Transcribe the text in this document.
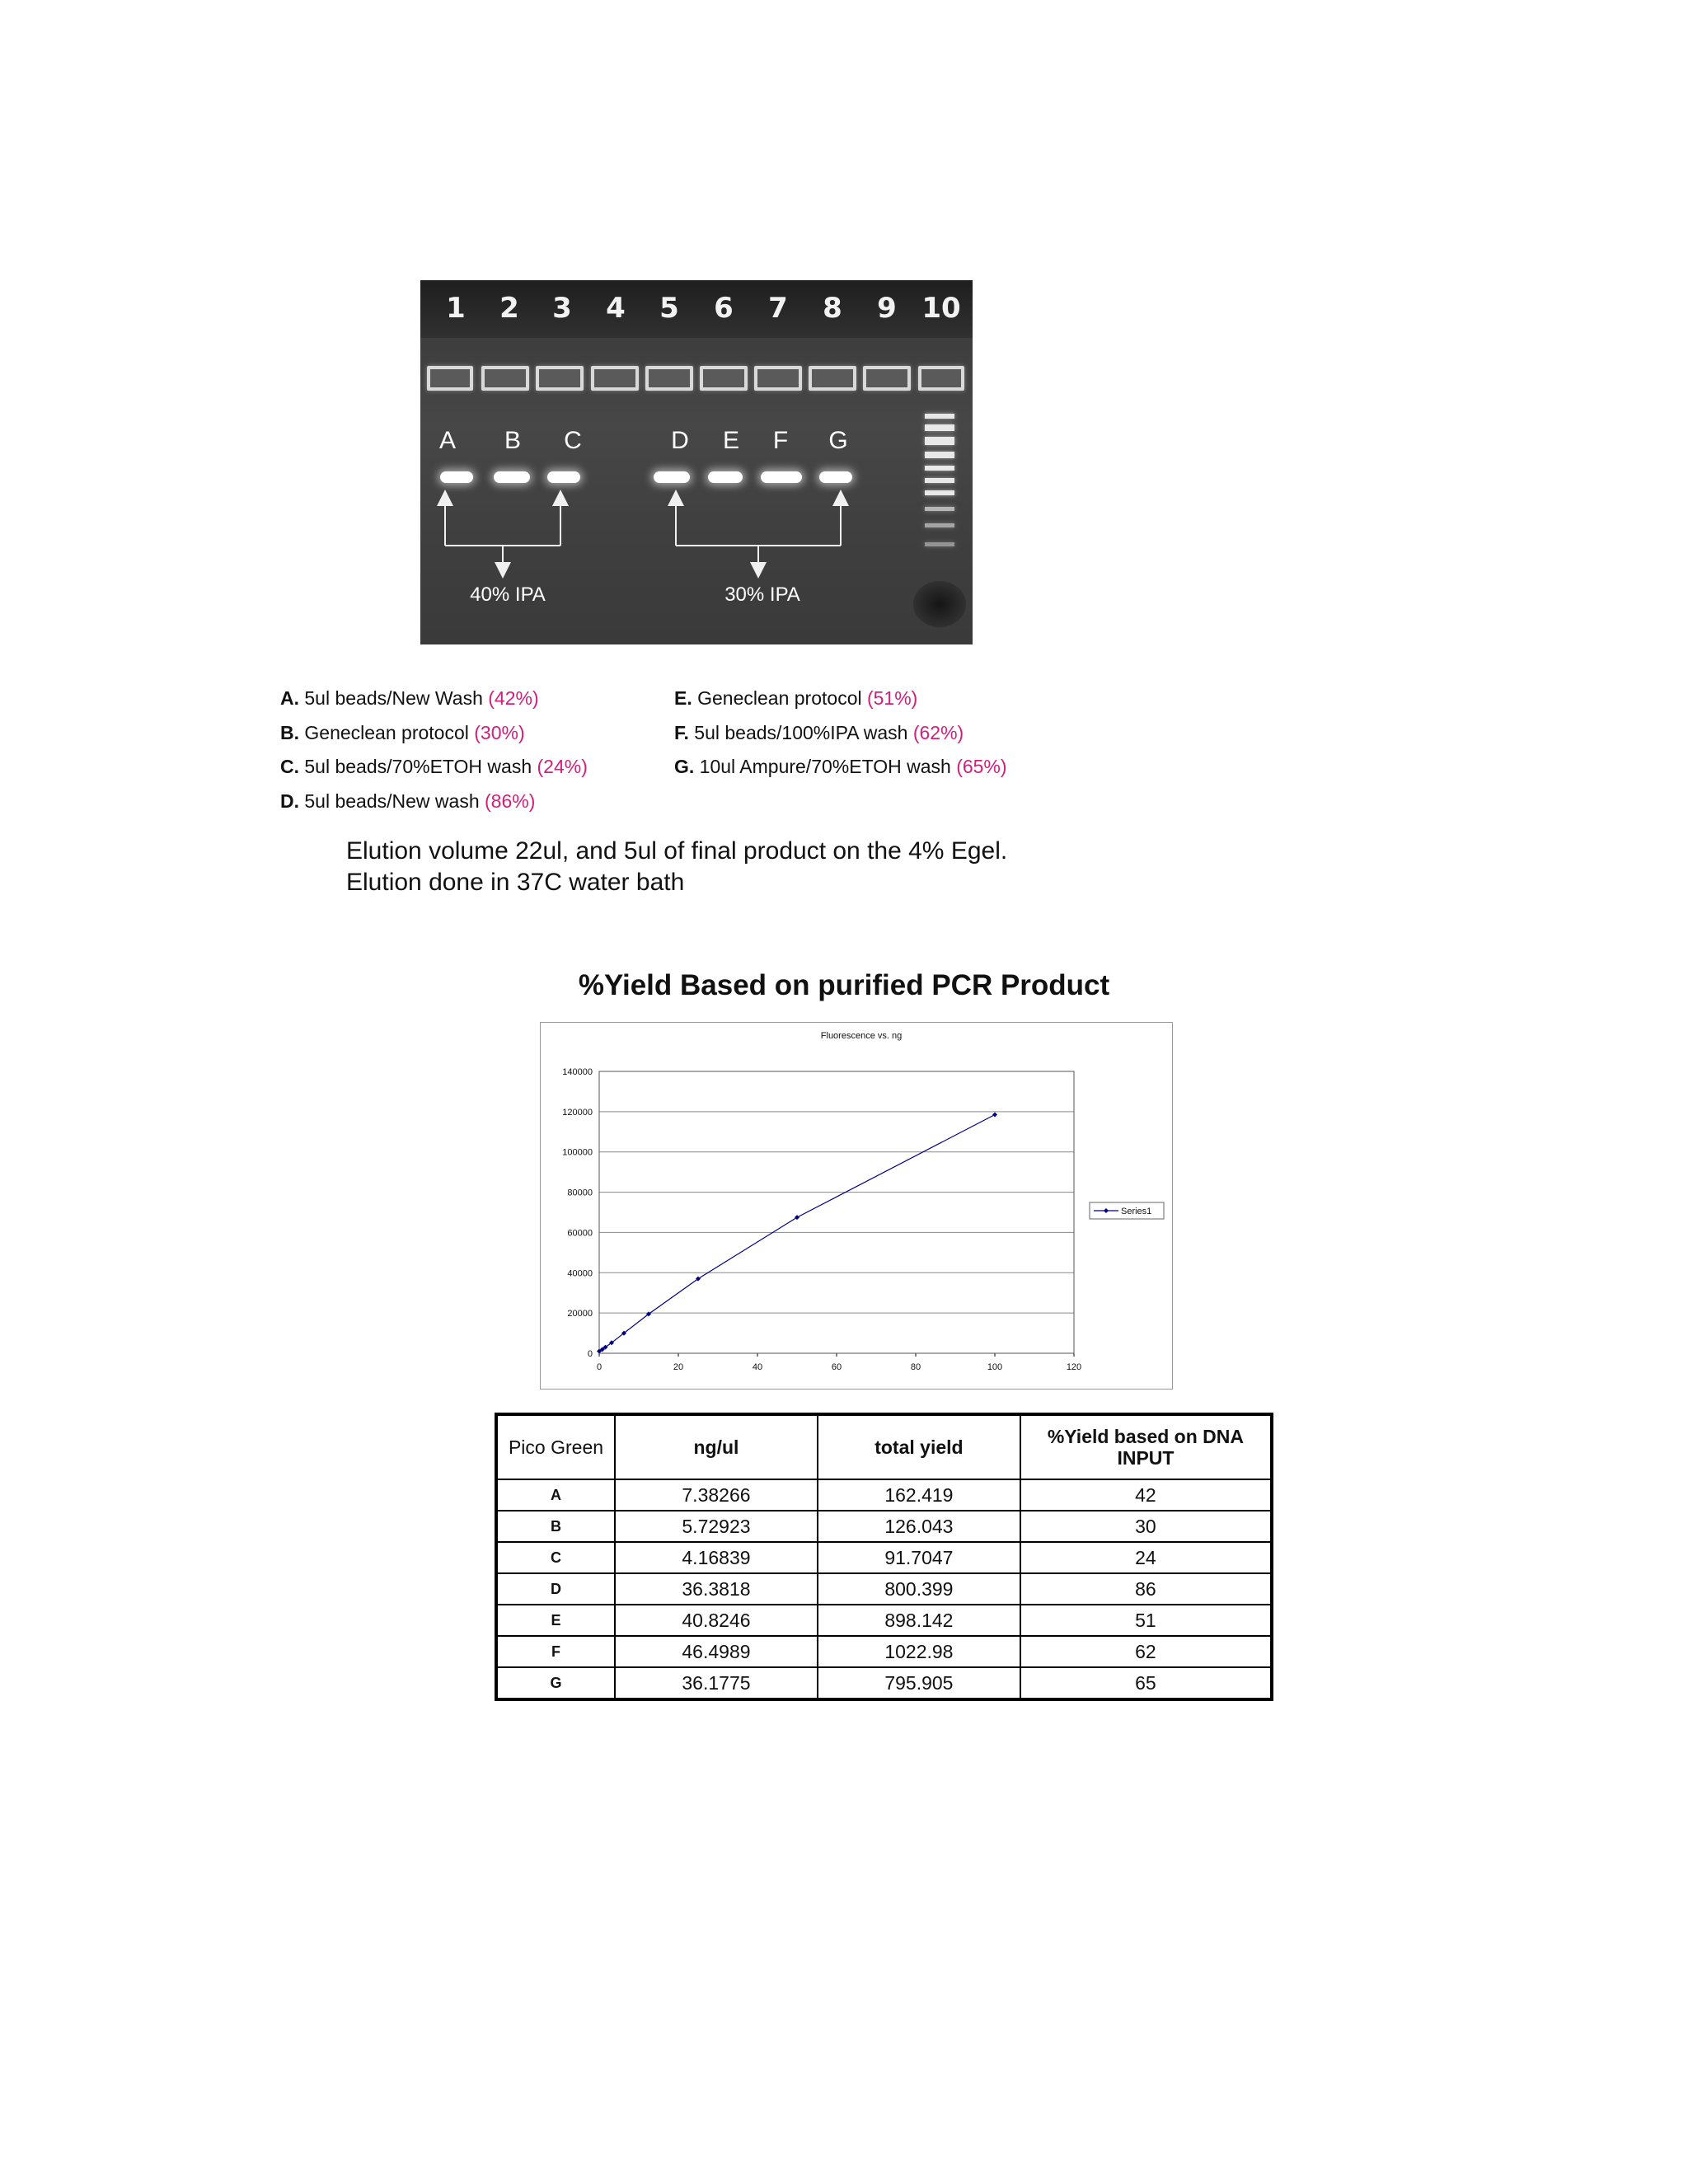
1 2 3 4 5 6 7 8 9 10
A B C	D E F G
40% IPA	30% IPA
A. 5ul beads/New Wash (42%)
B. Geneclean protocol (30%)
C. 5ul beads/70%ETOH wash (24%)
D. 5ul beads/New wash (86%)
E. Geneclean protocol (51%)
F. 5ul beads/100%IPA wash (62%)
G. 10ul Ampure/70%ETOH wash (65%)
Elution volume 22ul, and 5ul of final product on the 4% Egel.
Elution done in 37C water bath
%Yield Based on purified PCR Product
Fluorescence vs. ng
0
20000
40000
60000
80000
100000
120000
140000
0	20	40	60	80	100	120
Series1
Pico Green	ng/ul	total yield	%Yield based on DNA INPUT
A	7.38266	162.419	42
B	5.72923	126.043	30
C	4.16839	91.7047	24
D	36.3818	800.399	86
E	40.8246	898.142	51
F	46.4989	1022.98	62
G	36.1775	795.905	65
